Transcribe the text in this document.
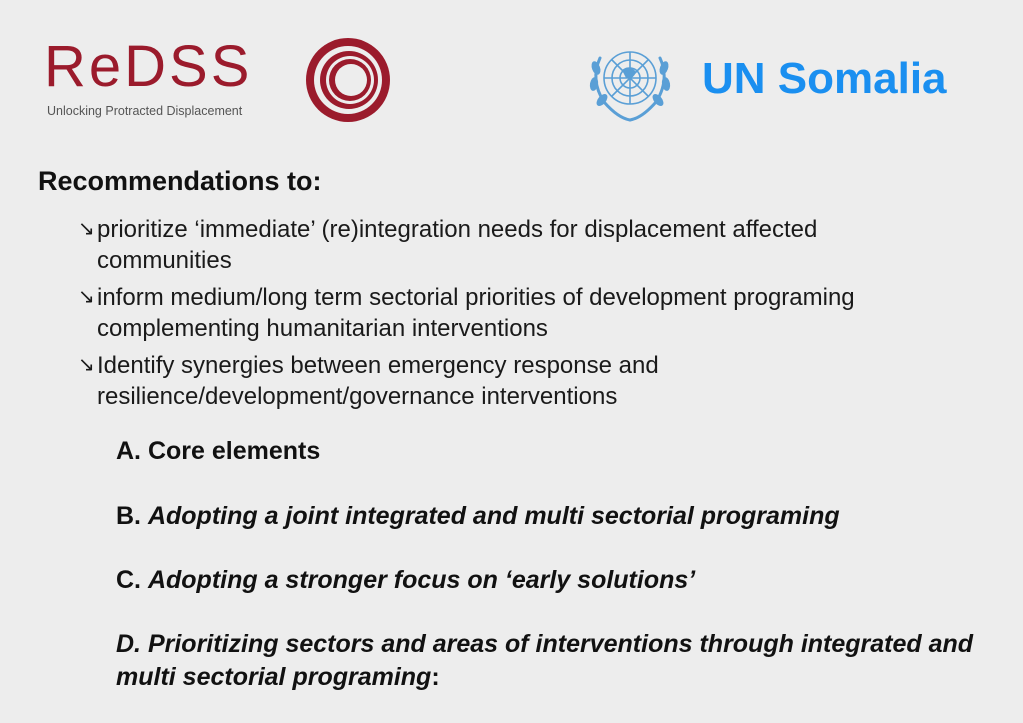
ReDSS
Unlocking Protracted Displacement
UN Somalia
Recommendations to:
↘ prioritize ‘immediate’ (re)integration needs for displacement affected
communities
↘ inform medium/long term sectorial priorities of development programing
complementing humanitarian interventions
↘ Identify synergies between emergency response and
resilience/development/governance interventions
A. Core elements
B. Adopting a joint integrated and multi sectorial programing
C. Adopting a stronger focus on ‘early solutions’
D. Prioritizing sectors and areas of interventions through integrated and multi sectorial programing:
